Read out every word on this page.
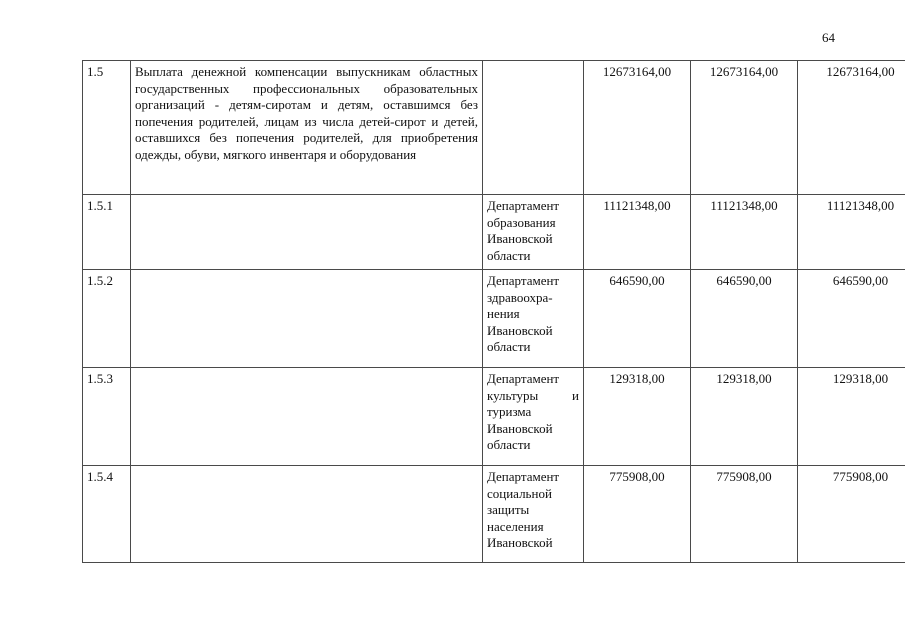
64
1.5	Выплата денежной компенсации выпускникам областных государственных профессиональных образовательных организаций - детям-сиротам и детям, оставшимся без попечения родителей, лицам из числа детей-сирот и детей, оставшихся без попечения родителей, для приобретения одежды, обуви, мягкого инвентаря и оборудования		12673164,00	12673164,00	12673164,00
1.5.1		Департамент образования Ивановской области	11121348,00	11121348,00	11121348,00
1.5.2		Департамент здравоохра-нения Ивановской области	646590,00	646590,00	646590,00
1.5.3		Департамент культуры и туризма Ивановской области	129318,00	129318,00	129318,00
1.5.4		Департамент социальной защиты населения Ивановской	775908,00	775908,00	775908,00
